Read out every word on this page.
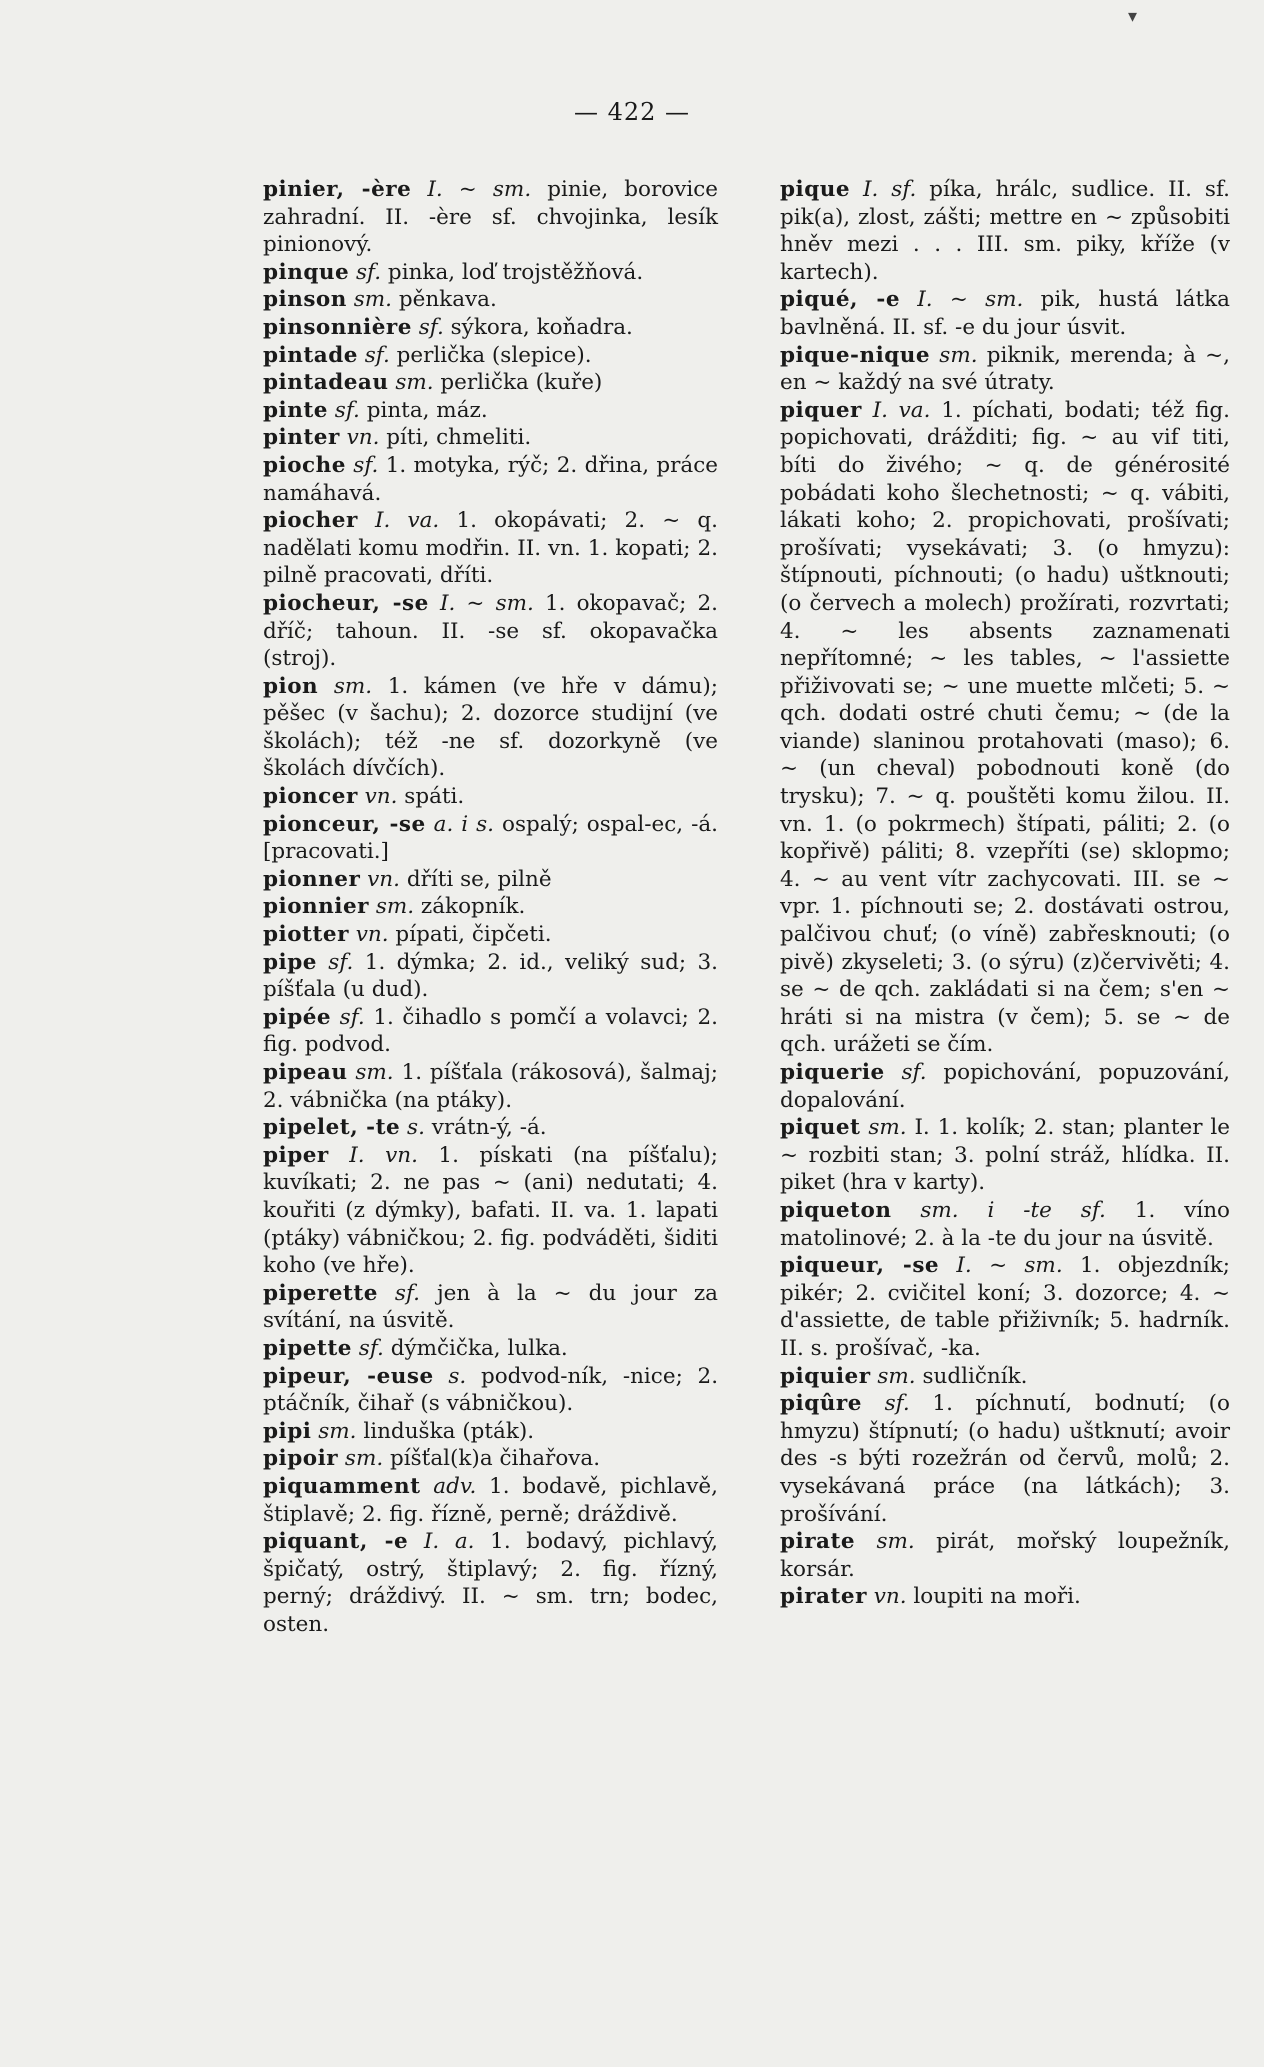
▾
— 422 —

pinier, -ère I. ~ sm. pinie, borovice zahradní. II. -ère sf. chvojinka, lesík pinionový.

pinque sf. pinka, loď trojstěžňová.

pinson sm. pěnkava.

pinsonnière sf. sýkora, koňadra.

pintade sf. perlička (slepice).

pintadeau sm. perlička (kuře)

pinte sf. pinta, máz.

pinter vn. píti, chmeliti.

pioche sf. 1. motyka, rýč; 2. dřina, práce namáhavá.

piocher I. va. 1. okopávati; 2. ~ q. nadělati komu modřin. II. vn. 1. kopati; 2. pilně pracovati, dříti.

piocheur, -se I. ~ sm. 1. okopavač; 2. dříč; tahoun. II. -se sf. okopavačka (stroj).

pion sm. 1. kámen (ve hře v dámu); pěšec (v šachu); 2. dozorce studijní (ve školách); též -ne sf. dozorkyně (ve školách dívčích).

pioncer vn. spáti.

pionceur, -se a. i s. ospalý; ospal-ec, -á. [pracovati.]

pionner vn. dříti se, pilně

pionnier sm. zákopník.

piotter vn. pípati, čipčeti.

pipe sf. 1. dýmka; 2. id., veliký sud; 3. píšťala (u dud).

pipée sf. 1. čihadlo s pomčí a volavci; 2. fig. podvod.

pipeau sm. 1. píšťala (rákosová), šalmaj; 2. vábnička (na ptáky).

pipelet, -te s. vrátn-ý, -á.

piper I. vn. 1. pískati (na píšťalu); kuvíkati; 2. ne pas ~ (ani) nedutati; 4. kouřiti (z dýmky), bafati. II. va. 1. lapati (ptáky) vábničkou; 2. fig. podváděti, šiditi koho (ve hře).

piperette sf. jen à la ~ du jour za svítání, na úsvitě.

pipette sf. dýmčička, lulka.

pipeur, -euse s. podvod-ník, -nice; 2. ptáčník, čihař (s vábničkou).

pipi sm. linduška (pták).

pipoir sm. píšťal(k)a čihařova.

piquamment adv. 1. bodavě, pichlavě, štiplavě; 2. fig. řízně, perně; dráždivě.

piquant, -e I. a. 1. bodavý, pichlavý, špičatý, ostrý, štiplavý; 2. fig. řízný, perný; dráždivý. II. ~ sm. trn; bodec, osten.

pique I. sf. píka, hrálc, sudlice. II. sf. pik(a), zlost, zášti; mettre en ~ způsobiti hněv mezi . . . III. sm. piky, kříže (v kartech).

piqué, -e I. ~ sm. pik, hustá látka bavlněná. II. sf. -e du jour úsvit.

pique-nique sm. piknik, merenda; à ~, en ~ každý na své útraty.

piquer I. va. 1. píchati, bodati; též fig. popichovati, drážditi; fig. ~ au vif titi, bíti do živého; ~ q. de générosité pobádati koho šlechetnosti; ~ q. vábiti, lákati koho; 2. propichovati, prošívati; prošívati; vysekávati; 3. (o hmyzu): štípnouti, píchnouti; (o hadu) uštknouti; (o červech a molech) prožírati, rozvrtati; 4. ~ les absents zaznamenati nepřítomné; ~ les tables, ~ l'assiette přiživovati se; ~ une muette mlčeti; 5. ~ qch. dodati ostré chuti čemu; ~ (de la viande) slaninou protahovati (maso); 6. ~ (un cheval) pobodnouti koně (do trysku); 7. ~ q. pouštěti komu žilou. II. vn. 1. (o pokrmech) štípati, páliti; 2. (o kopřivě) páliti; 8. vzepříti (se) sklopmo; 4. ~ au vent vítr zachycovati. III. se ~ vpr. 1. píchnouti se; 2. dostávati ostrou, palčivou chuť; (o víně) zabřesknouti; (o pivě) zkyseleti; 3. (o sýru) (z)červivěti; 4. se ~ de qch. zakládati si na čem; s'en ~ hráti si na mistra (v čem); 5. se ~ de qch. urážeti se čím.

piquerie sf. popichování, popuzování, dopalování.

piquet sm. I. 1. kolík; 2. stan; planter le ~ rozbiti stan; 3. polní stráž, hlídka. II. piket (hra v karty).

piqueton sm. i -te sf. 1. víno matolinové; 2. à la -te du jour na úsvitě.

piqueur, -se I. ~ sm. 1. objezdník; pikér; 2. cvičitel koní; 3. dozorce; 4. ~ d'assiette, de table přiživník; 5. hadrník. II. s. prošívač, -ka.

piquier sm. sudličník.

piqûre sf. 1. píchnutí, bodnutí; (o hmyzu) štípnutí; (o hadu) uštknutí; avoir des -s býti rozežrán od červů, molů; 2. vysekávaná práce (na látkách); 3. prošívání.

pirate sm. pirát, mořský loupežník, korsár.

pirater vn. loupiti na moři.
